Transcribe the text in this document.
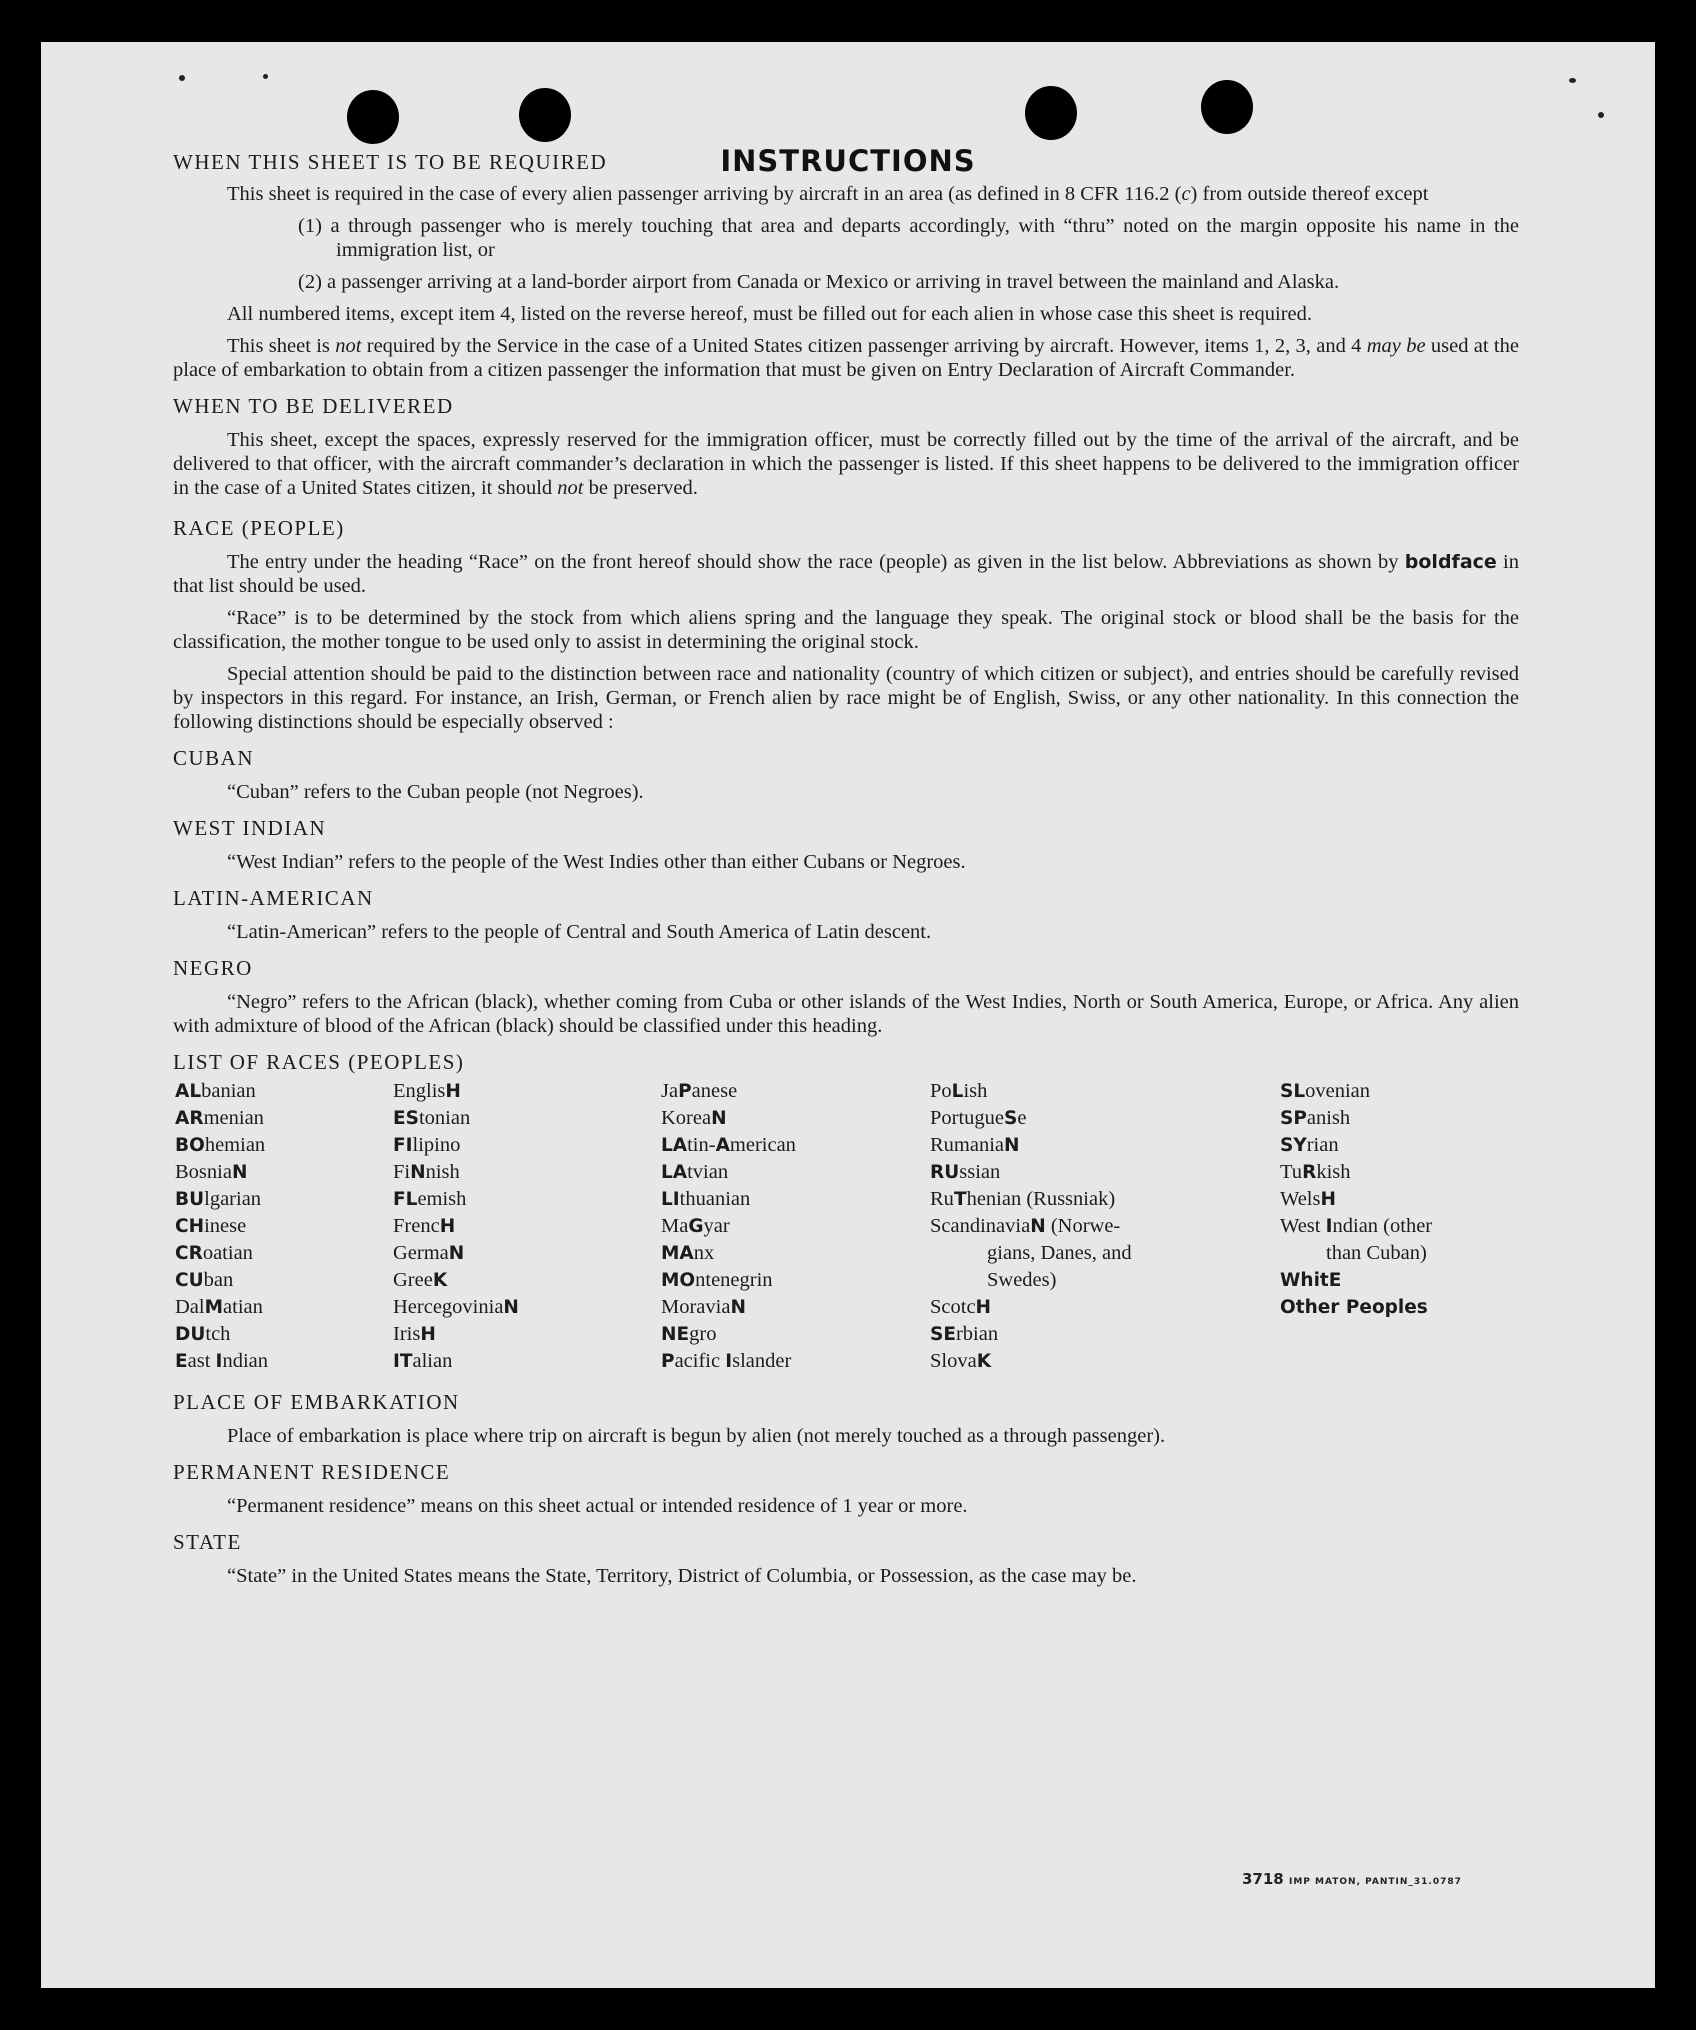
INSTRUCTIONS

WHEN THIS SHEET IS TO BE REQUIRED

This sheet is required in the case of every alien passenger arriving by aircraft in an area (as defined in 8 CFR 116.2 (c) from outside thereof except

(1) a through passenger who is merely touching that area and departs accordingly, with “thru” noted on the margin opposite his name in the immigration list, or

(2) a passenger arriving at a land-border airport from Canada or Mexico or arriving in travel between the mainland and Alaska.

All numbered items, except item 4, listed on the reverse hereof, must be filled out for each alien in whose case this sheet is required.

This sheet is not required by the Service in the case of a United States citizen passenger arriving by aircraft. However, items 1, 2, 3, and 4 may be used at the place of embarkation to obtain from a citizen passenger the information that must be given on Entry Declaration of Aircraft Commander.

WHEN TO BE DELIVERED

This sheet, except the spaces, expressly reserved for the immigration officer, must be correctly filled out by the time of the arrival of the aircraft, and be delivered to that officer, with the aircraft commander’s declaration in which the passenger is listed. If this sheet happens to be delivered to the immigration officer in the case of a United States citizen, it should not be preserved.

RACE (PEOPLE)

The entry under the heading “Race” on the front hereof should show the race (people) as given in the list below. Abbreviations as shown by boldface in that list should be used.

“Race” is to be determined by the stock from which aliens spring and the language they speak. The original stock or blood shall be the basis for the classification, the mother tongue to be used only to assist in determining the original stock.

Special attention should be paid to the distinction between race and nationality (country of which citizen or subject), and entries should be carefully revised by inspectors in this regard. For instance, an Irish, German, or French alien by race might be of English, Swiss, or any other nationality. In this connection the following distinctions should be especially observed :

CUBAN

“Cuban” refers to the Cuban people (not Negroes).

WEST INDIAN

“West Indian” refers to the people of the West Indies other than either Cubans or Negroes.

LATIN-AMERICAN

“Latin-American” refers to the people of Central and South America of Latin descent.

NEGRO

“Negro” refers to the African (black), whether coming from Cuba or other islands of the West Indies, North or South America, Europe, or Africa. Any alien with admixture of blood of the African (black) should be classified under this heading.

LIST OF RACES (PEOPLES)

ALbanian
ARmenian
BOhemian
BosniaN
BUlgarian
CHinese
CRoatian
CUban
DalMatian
DUtch
East Indian
EnglisH
EStonian
FIlipino
FiNnish
FLemish
FrencH
GermaN
GreeK
HercegoviniaN
IrisH
ITalian
JaPanese
KoreaN
LAtin-American
LAtvian
LIthuanian
MaGyar
MAnx
MOntenegrin
MoraviaN
NEgro
Pacific Islander
PoLish
PortugueSe
RumaniaN
RUssian
RuThenian (Russniak)
ScandinaviaN (Norwe-
gians, Danes, and
Swedes)
ScotcH
SErbian
SlovaK
SLovenian
SPanish
SYrian
TuRkish
WelsH
West Indian (other
than Cuban)
WhitE
Other Peoples

PLACE OF EMBARKATION

Place of embarkation is place where trip on aircraft is begun by alien (not merely touched as a through passenger).

PERMANENT RESIDENCE

“Permanent residence” means on this sheet actual or intended residence of 1 year or more.

STATE

“State” in the United States means the State, Territory, District of Columbia, or Possession, as the case may be.

3718 IMP MATON, PANTIN_31.0787
